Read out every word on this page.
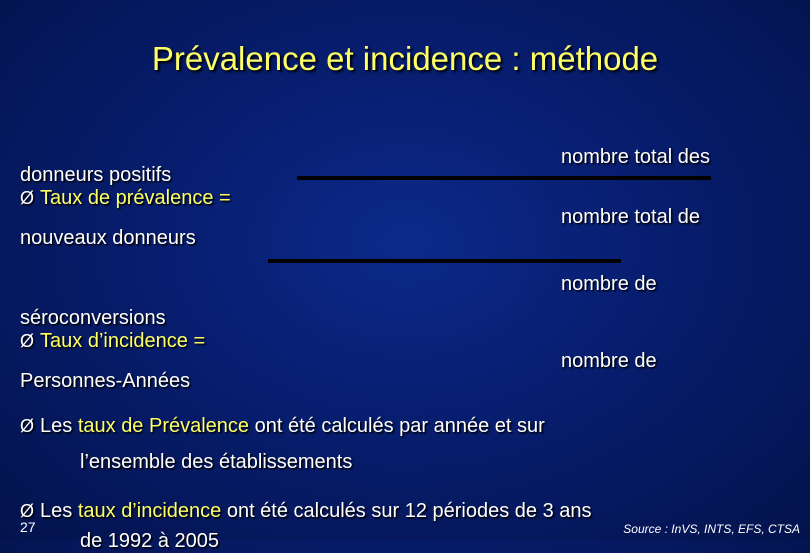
Prévalence et incidence : méthode
nombre total des
donneurs positifs
Ø Taux de prévalence =
nombre total de
nouveaux donneurs
nombre de
séroconversions
Ø Taux d’incidence =
nombre de
Personnes-Années
Ø Les taux de Prévalence ont été calculés par année et sur
l’ensemble des établissements
Ø Les taux d’incidence ont été calculés sur 12 périodes de 3 ans
de 1992 à 2005
27	Source : InVS, INTS, EFS, CTSA
